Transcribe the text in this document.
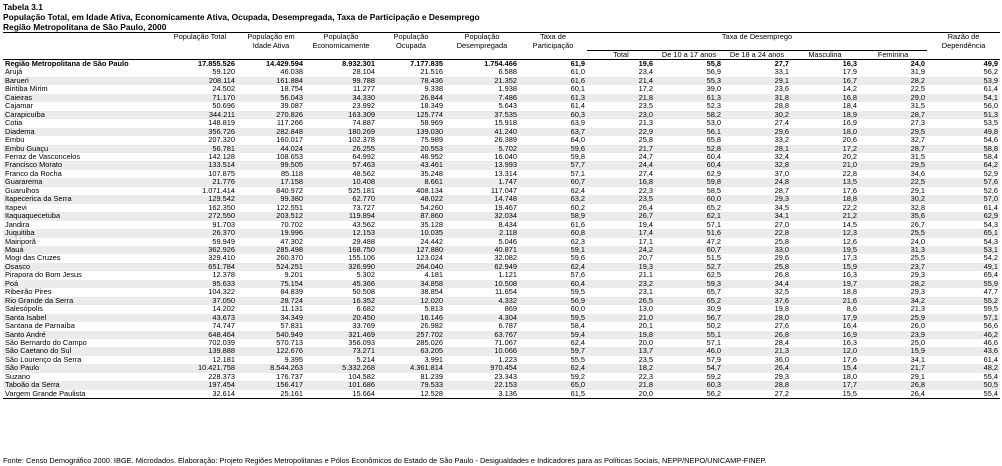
Tabela 3.1
População Total, em Idade Ativa, Economicamente Ativa, Ocupada, Desempregada, Taxa de Participação e Desemprego
Região Metropolitana de São Paulo, 2000
	População Total	População em Idade Ativa	População Economicamente	População Ocupada	População Desempregada	Taxa de Participação	Taxa de Desemprego					Razão de Dependência
							Total	De 10 a 17 anos	De 18 a 24 anos	Masculina	Feminina	
Região Metropolitana de São Paulo	17.855.526	14.429.594	8.932.301	7.177.835	1.754.466	61,9	19,6	55,8	27,7	16,3	24,0	49,9
Arujá	59.120	46.038	28.104	21.516	6.588	61,0	23,4	56,9	33,1	17,9	31,9	56,2
Barueri	208.114	161.884	99.788	78.436	21.352	61,6	21,4	55,3	29,1	16,7	28,2	53,9
Biritiba Mirim	24.502	18.754	11.277	9.338	1.938	60,1	17,2	39,0	23,6	14,2	22,5	61,4
Caieiras	71.170	56.043	34.330	26.844	7.486	61,3	21,8	61,3	31,8	16,8	29,0	54,1
Cajamar	50.696	39.087	23.992	18.349	5.643	61,4	23,5	52,3	28,8	18,4	31,5	56,0
Carapicuíba	344.211	270.826	163.309	125.774	37.535	60,3	23,0	58,2	30,2	18,9	28,7	51,3
Cotia	148.819	117.266	74.887	58.969	15.918	63,9	21,3	53,0	27,4	16,9	27,3	53,5
Diadema	356.726	282.848	180.269	139.030	41.240	63,7	22,9	56,1	29,6	18,0	29,5	49,8
Embu	207.320	160.017	102.378	75.989	26.389	64,0	25,8	65,8	33,2	20,6	32,7	54,6
Embu Guaçu	56.781	44.024	26.255	20.553	5.702	59,6	21,7	52,8	28,1	17,2	28,7	58,8
Ferraz de Vasconcelos	142.128	108.653	64.992	48.952	16.040	59,8	24,7	60,4	32,4	20,2	31,5	58,4
Francisco Morato	133.514	99.505	57.463	43.461	13.993	57,7	24,4	60,4	32,8	21,0	29,5	64,2
Franco da Rocha	107.875	85.118	48.562	35.248	13.314	57,1	27,4	62,9	37,0	22,8	34,6	52,9
Guararema	21.776	17.158	10.408	8.661	1.747	60,7	16,8	59,8	24,8	13,5	22,5	57,6
Guarulhos	1.071.414	840.972	525.181	408.134	117.047	62,4	22,3	58,5	28,7	17,6	29,1	52,6
Itapecerica da Serra	129.542	99.380	62.770	48.022	14.748	63,2	23,5	60,0	29,3	18,8	30,2	57,0
Itapevi	162.350	122.551	73.727	54.260	19.467	60,2	26,4	65,2	34,5	22,2	32,8	61,4
Itaquaquecetuba	272.550	203.512	119.894	87.860	32.034	58,9	26,7	62,1	34,1	21,2	35,6	62,9
Jandira	91.703	70.702	43.562	35.128	8.434	61,6	19,4	57,1	27,0	14,5	26,7	54,3
Juquitiba	26.370	19.996	12.153	10.035	2.118	60,8	17,4	51,6	22,8	12,3	25,5	65,1
Mairiporã	59.949	47.302	29.488	24.442	5.046	62,3	17,1	47,2	25,8	12,6	24,0	54,3
Mauá	362.926	285.498	168.750	127.880	40.871	59,1	24,2	60,7	33,0	19,5	31,3	53,1
Mogi das Cruzes	329.410	260.370	155.106	123.024	32.082	59,6	20,7	51,5	29,6	17,3	25,5	54,2
Osasco	651.784	524.251	326.990	264.040	62.949	62,4	19,3	52,7	25,8	15,9	23,7	49,1
Pirapora do Bom Jesus	12.378	9.201	5.302	4.181	1.121	57,6	21,1	62,5	26,8	16,3	29,3	65,4
Poá	95.633	75.154	45.366	34.858	10.508	60,4	23,2	59,3	34,4	19,7	28,2	55,9
Ribeirão Pires	104.322	84.839	50.508	38.854	11.654	59,5	23,1	65,7	32,5	18,8	29,3	47,7
Rio Grande da Serra	37.050	28.724	16.352	12.020	4.332	56,9	26,5	65,2	37,6	21,6	34,2	55,2
Salesópolis	14.202	11.131	6.682	5.813	869	60,0	13,0	30,9	19,8	8,6	21,3	59,5
Santa Isabel	43.673	34.349	20.450	16.146	4.304	59,5	21,0	56,7	28,0	17,9	25,9	57,1
Santana de Parnaíba	74.747	57.831	33.769	26.982	6.787	58,4	20,1	50,2	27,6	16,4	26,0	56,6
Santo André	648.464	540.949	321.469	257.702	63.767	59,4	19,8	55,1	26,8	16,9	23,9	46,2
São Bernardo do Campo	702.039	570.713	356.093	285.026	71.067	62,4	20,0	57,1	28,4	16,3	25,0	46,6
São Caetano do Sul	139.888	122.676	73.271	63.205	10.066	59,7	13,7	46,0	21,3	12,0	15,9	43,6
São Lourenço da Serra	12.181	9.395	5.214	3.991	1.223	55,5	23,5	57,9	36,0	17,6	34,1	61,4
São Paulo	10.421.758	8.544.263	5.332.268	4.361.814	970.454	62,4	18,2	54,7	26,4	15,4	21,7	48,2
Suzano	228.373	176.737	104.582	81.239	23.343	59,2	22,3	59,2	29,3	18,0	29,1	55,4
Taboão da Serra	197.454	156.417	101.686	79.533	22.153	65,0	21,8	60,3	28,8	17,7	26,8	50,5
Vargem Grande Paulista	32.614	25.161	15.664	12.528	3.136	61,5	20,0	56,2	27,2	15,5	26,4	55,4
Fonte: Censo Demográfico 2000. IBGE. Microdados. Elaboração: Projeto Regiões Metropolitanas e Pólos Econômicos do Estado de São Paulo - Desigualdades e Indicadores para as Políticas Sociais, NEPP/NEPO/UNICAMP-FINEP.
